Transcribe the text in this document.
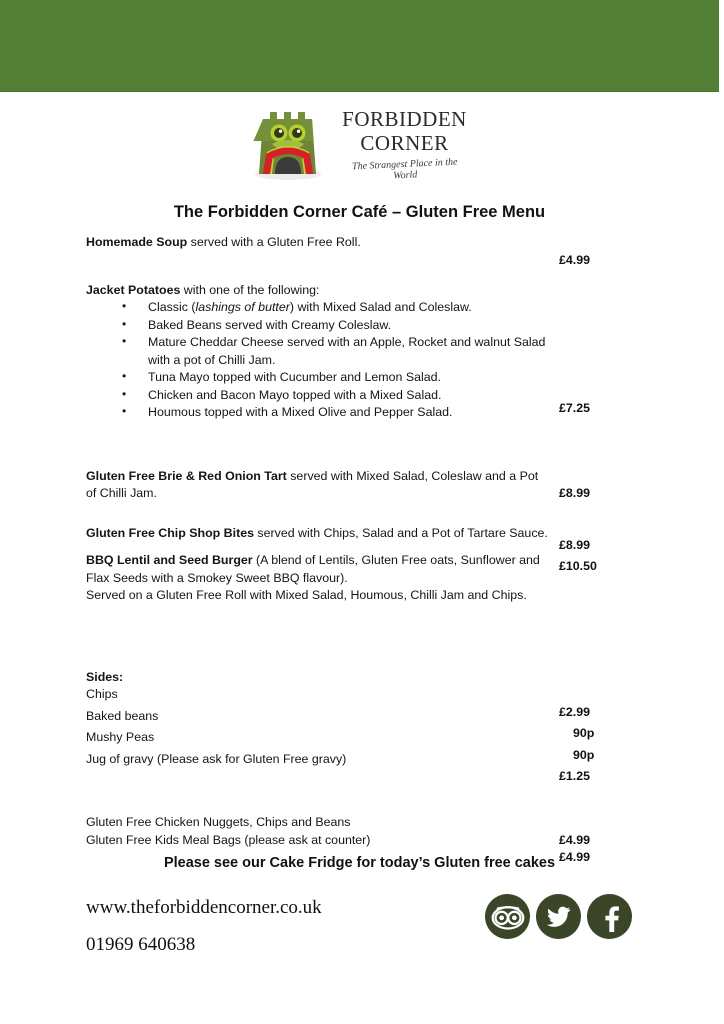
FORBIDDEN
CORNER
The Strangest Place in the World
The Forbidden Corner Café – Gluten Free Menu
Homemade Soup served with a Gluten Free Roll.
£4.99
Jacket Potatoes with one of the following:
• Classic (lashings of butter) with Mixed Salad and Coleslaw.
• Baked Beans served with Creamy Coleslaw.
• Mature Cheddar Cheese served with an Apple, Rocket and walnut Salad with a pot of Chilli Jam.
• Tuna Mayo topped with Cucumber and Lemon Salad.
• Chicken and Bacon Mayo topped with a Mixed Salad.
• Houmous topped with a Mixed Olive and Pepper Salad.	£7.25
Gluten Free Brie & Red Onion Tart served with Mixed Salad, Coleslaw and a Pot of Chilli Jam.	£8.99
Gluten Free Chip Shop Bites served with Chips, Salad and a Pot of Tartare Sauce.
£8.99
BBQ Lentil and Seed Burger (A blend of Lentils, Gluten Free oats, Sunflower and Flax Seeds with a Smokey Sweet BBQ flavour).
Served on a Gluten Free Roll with Mixed Salad, Houmous, Chilli Jam and Chips.
£10.50
Sides:
Chips
£2.99
Baked beans
90p
Mushy Peas
90p
Jug of gravy (Please ask for Gluten Free gravy)
£1.25
Gluten Free Chicken Nuggets, Chips and Beans
£4.99
Gluten Free Kids Meal Bags (please ask at counter)
£4.99
Please see our Cake Fridge for today’s Gluten free cakes
www.theforbiddencorner.co.uk
01969 640638
